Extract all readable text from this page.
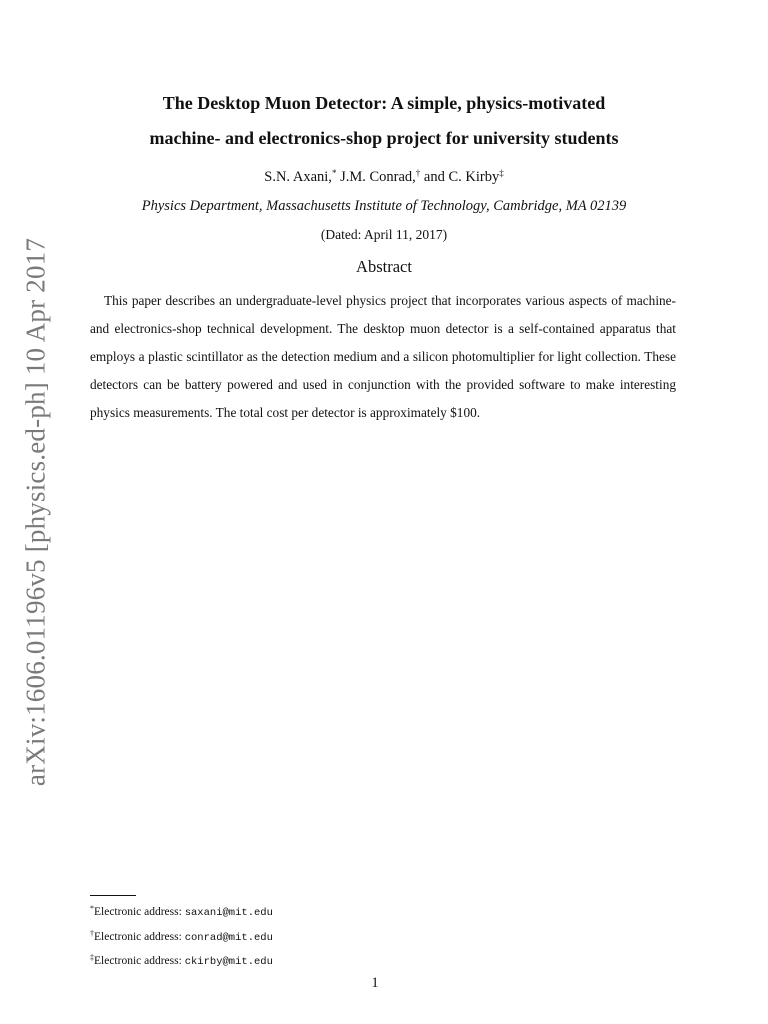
arXiv:1606.01196v5 [physics.ed-ph] 10 Apr 2017
The Desktop Muon Detector: A simple, physics-motivated
machine- and electronics-shop project for university students
S.N. Axani,* J.M. Conrad,† and C. Kirby‡
Physics Department, Massachusetts Institute of Technology, Cambridge, MA 02139
(Dated: April 11, 2017)
Abstract
This paper describes an undergraduate-level physics project that incorporates various aspects of machine- and electronics-shop technical development. The desktop muon detector is a self-contained apparatus that employs a plastic scintillator as the detection medium and a silicon photomultiplier for light collection. These detectors can be battery powered and used in conjunction with the provided software to make interesting physics measurements. The total cost per detector is approximately $100.
*Electronic address: saxani@mit.edu
†Electronic address: conrad@mit.edu
‡Electronic address: ckirby@mit.edu
1
